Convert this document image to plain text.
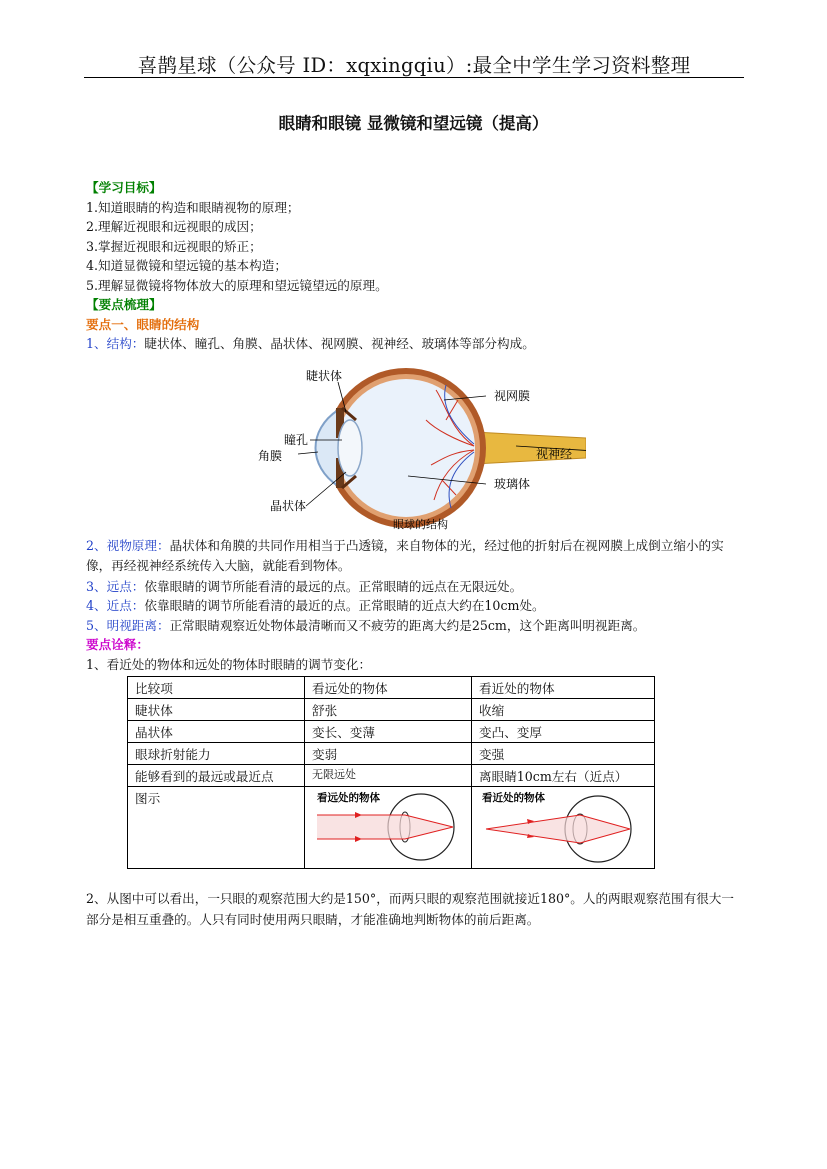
喜鹊星球（公众号 ID：xqxingqiu）:最全中学生学习资料整理
眼睛和眼镜 显微镜和望远镜（提高）
【学习目标】
1.知道眼睛的构造和眼睛视物的原理；
2.理解近视眼和远视眼的成因；
3.掌握近视眼和远视眼的矫正；
4.知道显微镜和望远镜的基本构造；
5.理解显微镜将物体放大的原理和望远镜望远的原理。
【要点梳理】
要点一、眼睛的结构
1、结构：睫状体、瞳孔、角膜、晶状体、视网膜、视神经、玻璃体等部分构成。
睫状体
视网膜
瞳孔
角膜	视神经
玻璃体
晶状体
眼球的结构
2、视物原理：晶状体和角膜的共同作用相当于凸透镜，来自物体的光，经过他的折射后在视网膜上成倒立缩小的实像，再经视神经系统传入大脑，就能看到物体。
3、远点：依靠眼睛的调节所能看清的最远的点。正常眼睛的远点在无限远处。
4、近点：依靠眼睛的调节所能看清的最近的点。正常眼睛的近点大约在10cm处。
5、明视距离：正常眼睛观察近处物体最清晰而又不疲劳的距离大约是25cm，这个距离叫明视距离。
要点诠释：
1、看近处的物体和远处的物体时眼睛的调节变化：
比较项	看远处的物体	看近处的物体
睫状体	舒张	收缩
晶状体	变长、变薄	变凸、变厚
眼球折射能力	变弱	变强
能够看到的最远或最近点	无限远处	离眼睛10cm左右（近点）
图示	看远处的物体	看近处的物体
2、从图中可以看出，一只眼的观察范围大约是150°，而两只眼的观察范围就接近180°。人的两眼观察范围有很大一部分是相互重叠的。人只有同时使用两只眼睛，才能准确地判断物体的前后距离。
